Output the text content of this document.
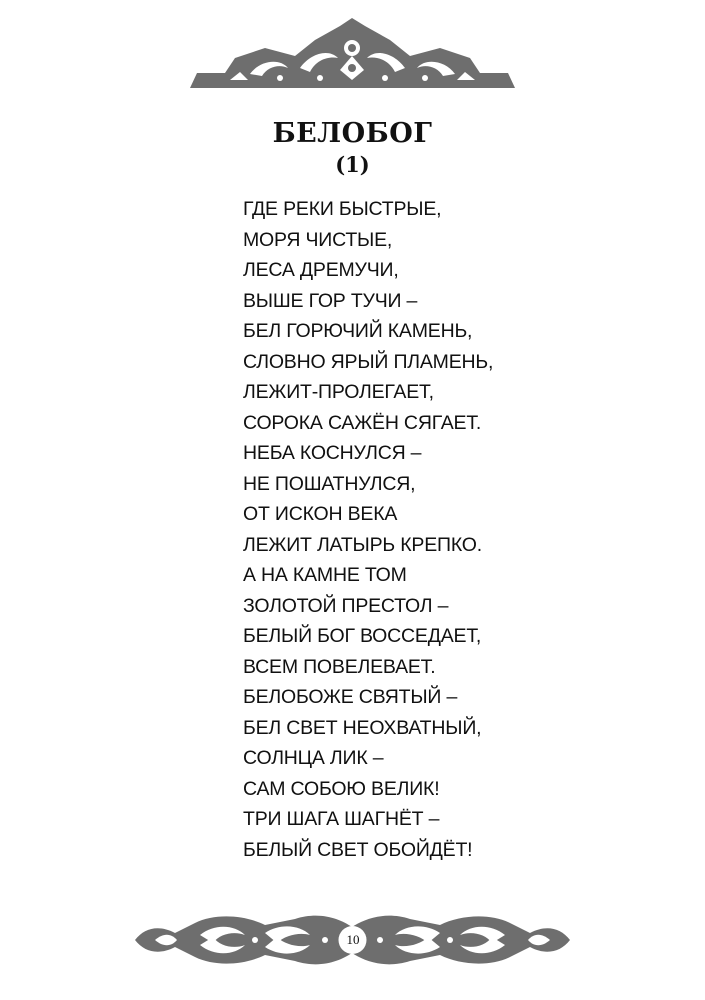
БЕЛОБОГ
(1)
ГДЕ РЕКИ БЫСТРЫЕ,
МОРЯ ЧИСТЫЕ,
ЛЕСА ДРЕМУЧИ,
ВЫШЕ ГОР ТУЧИ –
БЕЛ ГОРЮЧИЙ КАМЕНЬ,
СЛОВНО ЯРЫЙ ПЛАМЕНЬ,
ЛЕЖИТ-ПРОЛЕГАЕТ,
СОРОКА САЖЁН СЯГАЕТ.
НЕБА КОСНУЛСЯ –
НЕ ПОШАТНУЛСЯ,
ОТ ИСКОН ВЕКА
ЛЕЖИТ ЛАТЫРЬ КРЕПКО.
А НА КАМНЕ ТОМ
ЗОЛОТОЙ ПРЕСТОЛ –
БЕЛЫЙ БОГ ВОССЕДАЕТ,
ВСЕМ ПОВЕЛЕВАЕТ.
БЕЛОБОЖЕ СВЯТЫЙ –
БЕЛ СВЕТ НЕОХВАТНЫЙ,
СОЛНЦА ЛИК –
САМ СОБОЮ ВЕЛИК!
ТРИ ШАГА ШАГНЁТ –
БЕЛЫЙ СВЕТ ОБОЙДЁТ!
10
